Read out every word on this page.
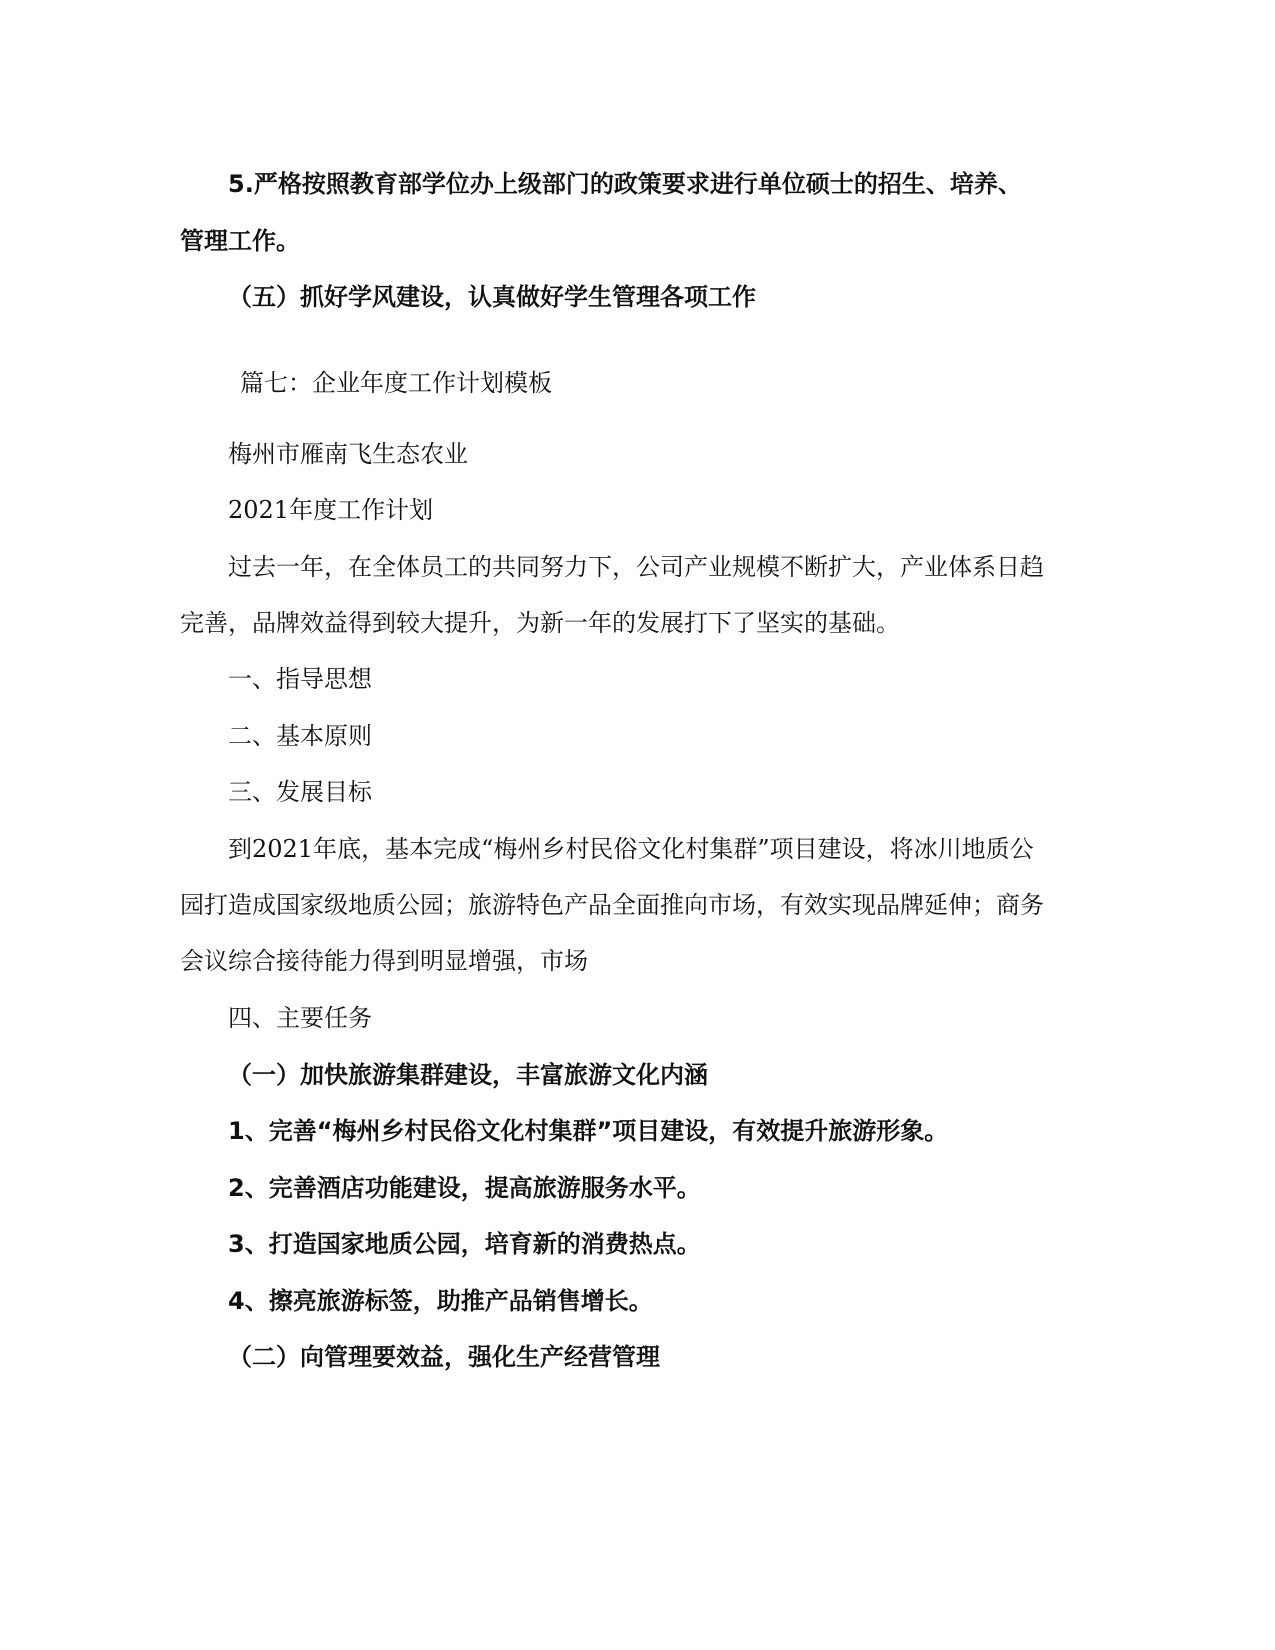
5.严格按照教育部学位办上级部门的政策要求进行单位硕士的招生、培养、
管理工作。
（五）抓好学风建设，认真做好学生管理各项工作
篇七：企业年度工作计划模板
梅州市雁南飞生态农业
2021年度工作计划
过去一年，在全体员工的共同努力下，公司产业规模不断扩大，产业体系日趋
完善，品牌效益得到较大提升，为新一年的发展打下了坚实的基础。
一、指导思想
二、基本原则
三、发展目标
到2021年底，基本完成“梅州乡村民俗文化村集群”项目建设，将冰川地质公
园打造成国家级地质公园；旅游特色产品全面推向市场，有效实现品牌延伸；商务
会议综合接待能力得到明显增强，市场
四、主要任务
（一）加快旅游集群建设，丰富旅游文化内涵
1、完善“梅州乡村民俗文化村集群”项目建设，有效提升旅游形象。
2、完善酒店功能建设，提高旅游服务水平。
3、打造国家地质公园，培育新的消费热点。
4、擦亮旅游标签，助推产品销售增长。
（二）向管理要效益，强化生产经营管理
